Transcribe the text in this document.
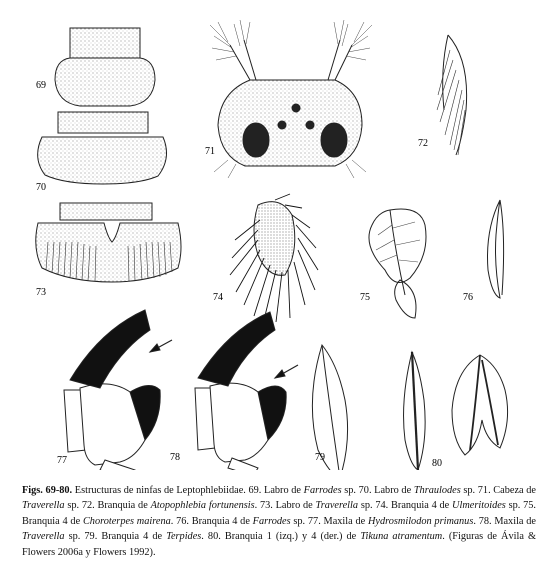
69
70
71
72
73	74	75	76
77	78	79
80
Figs. 69-80. Estructuras de ninfas de Leptophlebiidae. 69. Labro de Farrodes sp. 70. Labro de Thraulodes sp. 71. Cabeza de Traverella sp. 72. Branquia de Atopophlebia fortunensis. 73. Labro de Traverella sp. 74. Branquia 4 de Ulmeritoides sp. 75. Branquia 4 de Choroterpes mairena. 76. Branquia 4 de Farrodes sp. 77. Maxila de Hydrosmilodon primanus. 78. Maxila de Traverella sp. 79. Branquia 4 de Terpides. 80. Branquia 1 (izq.) y 4 (der.) de Tikuna atramentum. (Figuras de Ávila & Flowers 2006a y Flowers 1992).
